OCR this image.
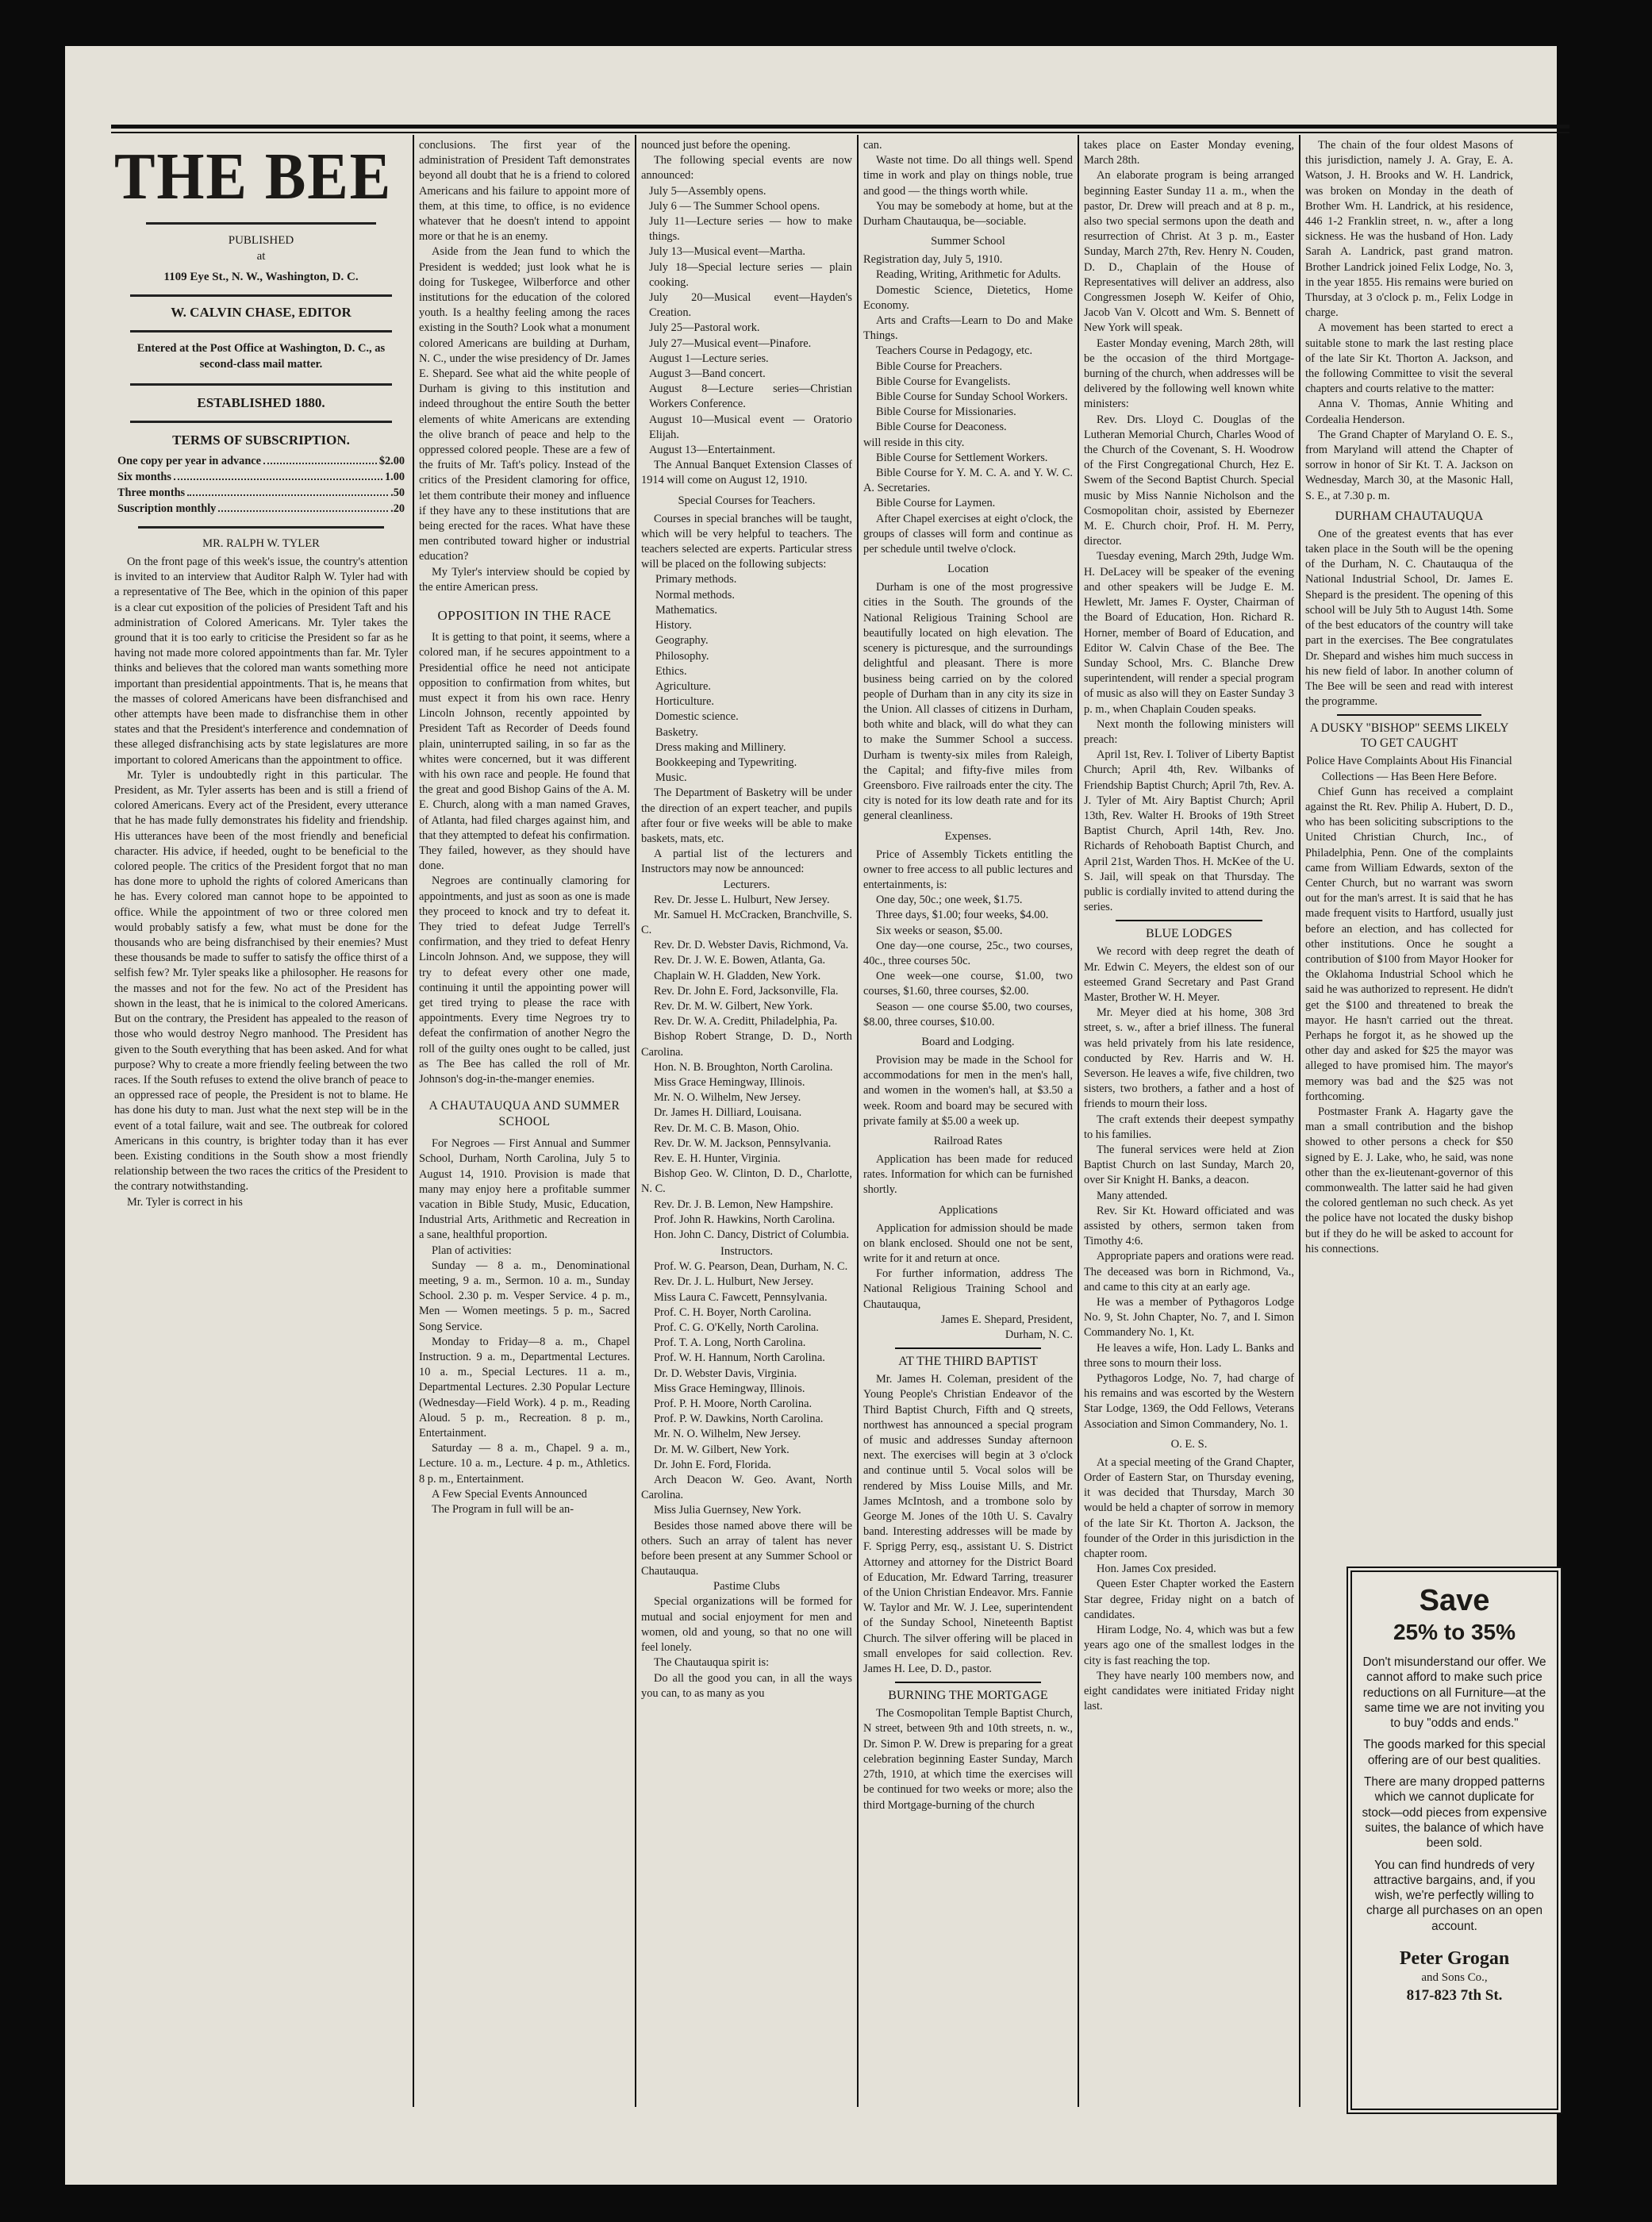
THE BEE
PUBLISHED
at
1109 Eye St., N. W., Washington, D. C.
W. CALVIN CHASE, EDITOR
Entered at the Post Office at Washington, D. C., as second-class mail matter.
ESTABLISHED 1880.
TERMS OF SUBSCRIPTION.
One copy per year in advance	$2.00
Six months	1.00
Three months	.50
Suscription monthly	.20
MR. RALPH W. TYLER

On the front page of this week's issue, the country's attention is invited to an interview that Auditor Ralph W. Tyler had with a representative of The Bee, which in the opinion of this paper is a clear cut exposition of the policies of President Taft and his administration of Colored Americans. Mr. Tyler takes the ground that it is too early to criticise the President so far as he having not made more colored appointments than far. Mr. Tyler thinks and believes that the colored man wants something more important than presidential appointments. That is, he means that the masses of colored Americans have been disfranchised and other attempts have been made to disfranchise them in other states and that the President's interference and condemnation of these alleged disfranchising acts by state legislatures are more important to colored Americans than the appointment to office.

Mr. Tyler is undoubtedly right in this particular. The President, as Mr. Tyler asserts has been and is still a friend of colored Americans. Every act of the President, every utterance that he has made fully demonstrates his fidelity and friendship. His utterances have been of the most friendly and beneficial character. His advice, if heeded, ought to be beneficial to the colored people. The critics of the President forgot that no man has done more to uphold the rights of colored Americans than he has. Every colored man cannot hope to be appointed to office. While the appointment of two or three colored men would probably satisfy a few, what must be done for the thousands who are being disfranchised by their enemies? Must these thousands be made to suffer to satisfy the office thirst of a selfish few? Mr. Tyler speaks like a philosopher. He reasons for the masses and not for the few. No act of the President has shown in the least, that he is inimical to the colored Americans. But on the contrary, the President has appealed to the reason of those who would destroy Negro manhood. The President has given to the South everything that has been asked. And for what purpose? Why to create a more friendly feeling between the two races. If the South refuses to extend the olive branch of peace to an oppressed race of people, the President is not to blame. He has done his duty to man. Just what the next step will be in the event of a total failure, wait and see. The outbreak for colored Americans in this country, is brighter today than it has ever been. Existing conditions in the South show a most friendly relationship between the two races the critics of the President to the contrary notwithstanding.

Mr. Tyler is correct in his

conclusions. The first year of the administration of President Taft demonstrates beyond all doubt that he is a friend to colored Americans and his failure to appoint more of them, at this time, to office, is no evidence whatever that he doesn't intend to appoint more or that he is an enemy.

Aside from the Jean fund to which the President is wedded; just look what he is doing for Tuskegee, Wilberforce and other institutions for the education of the colored youth. Is a healthy feeling among the races existing in the South? Look what a monument colored Americans are building at Durham, N. C., under the wise presidency of Dr. James E. Shepard. See what aid the white people of Durham is giving to this institution and indeed throughout the entire South the better elements of white Americans are extending the olive branch of peace and help to the oppressed colored people. These are a few of the fruits of Mr. Taft's policy. Instead of the critics of the President clamoring for office, let them contribute their money and influence if they have any to these institutions that are being erected for the races. What have these men contributed toward higher or industrial education?

My Tyler's interview should be copied by the entire American press.

OPPOSITION IN THE RACE

It is getting to that point, it seems, where a colored man, if he secures appointment to a Presidential office he need not anticipate opposition to confirmation from whites, but must expect it from his own race. Henry Lincoln Johnson, recently appointed by President Taft as Recorder of Deeds found plain, uninterrupted sailing, in so far as the whites were concerned, but it was different with his own race and people. He found that the great and good Bishop Gains of the A. M. E. Church, along with a man named Graves, of Atlanta, had filed charges against him, and that they attempted to defeat his confirmation. They failed, however, as they should have done.

Negroes are continually clamoring for appointments, and just as soon as one is made they proceed to knock and try to defeat it. They tried to defeat Judge Terrell's confirmation, and they tried to defeat Henry Lincoln Johnson. And, we suppose, they will try to defeat every other one made, continuing it until the appointing power will get tired trying to please the race with appointments. Every time Negroes try to defeat the confirmation of another Negro the roll of the guilty ones ought to be called, just as The Bee has called the roll of Mr. Johnson's dog-in-the-manger enemies.

A CHAUTAUQUA AND SUMMER SCHOOL

For Negroes — First Annual and Summer School, Durham, North Carolina, July 5 to August 14, 1910. Provision is made that many may enjoy here a profitable summer vacation in Bible Study, Music, Education, Industrial Arts, Arithmetic and Recreation in a sane, healthful proportion.

Plan of activities:

Sunday — 8 a. m., Denominational meeting, 9 a. m., Sermon. 10 a. m., Sunday School. 2.30 p. m. Vesper Service. 4 p. m., Men — Women meetings. 5 p. m., Sacred Song Service.

Monday to Friday—8 a. m., Chapel Instruction. 9 a. m., Departmental Lectures. 10 a. m., Special Lectures. 11 a. m., Departmental Lectures. 2.30 Popular Lecture (Wednesday—Field Work). 4 p. m., Reading Aloud. 5 p. m., Recreation. 8 p. m., Entertainment.

Saturday — 8 a. m., Chapel. 9 a. m., Lecture. 10 a. m., Lecture. 4 p. m., Athletics. 8 p. m., Entertainment.

A Few Special Events Announced

The Program in full will be an-

nounced just before the opening.

The following special events are now announced:

July 5—Assembly opens.
July 6 — The Summer School opens.
July 11—Lecture series — how to make things.
July 13—Musical event—Martha.
July 18—Special lecture series — plain cooking.
July 20—Musical event—Hayden's Creation.
July 25—Pastoral work.
July 27—Musical event—Pinafore.
August 1—Lecture series.
August 3—Band concert.
August 8—Lecture series—Christian Workers Conference.
August 10—Musical event — Oratorio Elijah.
August 13—Entertainment.

The Annual Banquet Extension Classes of 1914 will come on August 12, 1910.

Special Courses for Teachers.

Courses in special branches will be taught, which will be very helpful to teachers. The teachers selected are experts. Particular stress will be placed on the following subjects:

Primary methods.
Normal methods.
Mathematics.
History.
Geography.
Philosophy.
Ethics.
Agriculture.
Horticulture.
Domestic science.
Basketry.
Dress making and Millinery.
Bookkeeping and Typewriting.
Music.

The Department of Basketry will be under the direction of an expert teacher, and pupils after four or five weeks will be able to make baskets, mats, etc.

A partial list of the lecturers and Instructors may now be announced:

Lecturers.

Rev. Dr. Jesse L. Hulburt, New Jersey.

Mr. Samuel H. McCracken, Branchville, S. C.

Rev. Dr. D. Webster Davis, Richmond, Va.

Rev. Dr. J. W. E. Bowen, Atlanta, Ga.

Chaplain W. H. Gladden, New York.

Rev. Dr. John E. Ford, Jacksonville, Fla.

Rev. Dr. M. W. Gilbert, New York.

Rev. Dr. W. A. Creditt, Philadelphia, Pa.

Bishop Robert Strange, D. D., North Carolina.

Hon. N. B. Broughton, North Carolina.

Miss Grace Hemingway, Illinois.

Mr. N. O. Wilhelm, New Jersey.

Dr. James H. Dilliard, Louisana.

Rev. Dr. M. C. B. Mason, Ohio.

Rev. Dr. W. M. Jackson, Pennsylvania.

Rev. E. H. Hunter, Virginia.

Bishop Geo. W. Clinton, D. D., Charlotte, N. C.

Rev. Dr. J. B. Lemon, New Hampshire.

Prof. John R. Hawkins, North Carolina.

Hon. John C. Dancy, District of Columbia.

Instructors.

Prof. W. G. Pearson, Dean, Durham, N. C.

Rev. Dr. J. L. Hulburt, New Jersey.

Miss Laura C. Fawcett, Pennsylvania.

Prof. C. H. Boyer, North Carolina.

Prof. C. G. O'Kelly, North Carolina.

Prof. T. A. Long, North Carolina.

Prof. W. H. Hannum, North Carolina.

Dr. D. Webster Davis, Virginia.

Miss Grace Hemingway, Illinois.

Prof. P. H. Moore, North Carolina.

Prof. P. W. Dawkins, North Carolina.

Mr. N. O. Wilhelm, New Jersey.

Dr. M. W. Gilbert, New York.

Dr. John E. Ford, Florida.

Arch Deacon W. Geo. Avant, North Carolina.

Miss Julia Guernsey, New York.

Besides those named above there will be others. Such an array of talent has never before been present at any Summer School or Chautauqua.

Pastime Clubs

Special organizations will be formed for mutual and social enjoyment for men and women, old and young, so that no one will feel lonely.

The Chautauqua spirit is:

Do all the good you can, in all the ways you can, to as many as you

can.

Waste not time. Do all things well. Spend time in work and play on things noble, true and good — the things worth while.

You may be somebody at home, but at the Durham Chautauqua, be—sociable.

Summer School

Registration day, July 5, 1910.

Reading, Writing, Arithmetic for Adults.

Domestic Science, Dietetics, Home Economy.

Arts and Crafts—Learn to Do and Make Things.

Teachers Course in Pedagogy, etc.

Bible Course for Preachers.

Bible Course for Evangelists.

Bible Course for Sunday School Workers.

Bible Course for Missionaries.

Bible Course for Deaconess.

will reside in this city.

Bible Course for Settlement Workers.

Bible Course for Y. M. C. A. and Y. W. C. A. Secretaries.

Bible Course for Laymen.

After Chapel exercises at eight o'clock, the groups of classes will form and continue as per schedule until twelve o'clock.

Location

Durham is one of the most progressive cities in the South. The grounds of the National Religious Training School are beautifully located on high elevation. The scenery is picturesque, and the surroundings delightful and pleasant. There is more business being carried on by the colored people of Durham than in any city its size in the Union. All classes of citizens in Durham, both white and black, will do what they can to make the Summer School a success. Durham is twenty-six miles from Raleigh, the Capital; and fifty-five miles from Greensboro. Five railroads enter the city. The city is noted for its low death rate and for its general cleanliness.

Expenses.

Price of Assembly Tickets entitling the owner to free access to all public lectures and entertainments, is:

One day, 50c.; one week, $1.75.

Three days, $1.00; four weeks, $4.00.

Six weeks or season, $5.00.

One day—one course, 25c., two courses, 40c., three courses 50c.

One week—one course, $1.00, two courses, $1.60, three courses, $2.00.

Season — one course $5.00, two courses, $8.00, three courses, $10.00.

Board and Lodging.

Provision may be made in the School for accommodations for men in the men's hall, and women in the women's hall, at $3.50 a week. Room and board may be secured with private family at $5.00 a week up.

Railroad Rates

Application has been made for reduced rates. Information for which can be furnished shortly.

Applications

Application for admission should be made on blank enclosed. Should one not be sent, write for it and return at once.

For further information, address The National Religious Training School and Chautauqua,

James E. Shepard, President,

Durham, N. C.

AT THE THIRD BAPTIST

Mr. James H. Coleman, president of the Young People's Christian Endeavor of the Third Baptist Church, Fifth and Q streets, northwest has announced a special program of music and addresses Sunday afternoon next. The exercises will begin at 3 o'clock and continue until 5. Vocal solos will be rendered by Miss Louise Mills, and Mr. James McIntosh, and a trombone solo by George M. Jones of the 10th U. S. Cavalry band. Interesting addresses will be made by F. Sprigg Perry, esq., assistant U. S. District Attorney and attorney for the District Board of Education, Mr. Edward Tarring, treasurer of the Union Christian Endeavor. Mrs. Fannie W. Taylor and Mr. W. J. Lee, superintendent of the Sunday School, Nineteenth Baptist Church. The silver offering will be placed in small envelopes for said collection. Rev. James H. Lee, D. D., pastor.

BURNING THE MORTGAGE

The Cosmopolitan Temple Baptist Church, N street, between 9th and 10th streets, n. w., Dr. Simon P. W. Drew is preparing for a great celebration beginning Easter Sunday, March 27th, 1910, at which time the exercises will be continued for two weeks or more; also the third Mortgage-burning of the church

takes place on Easter Monday evening, March 28th.

An elaborate program is being arranged beginning Easter Sunday 11 a. m., when the pastor, Dr. Drew will preach and at 8 p. m., also two special sermons upon the death and resurrection of Christ. At 3 p. m., Easter Sunday, March 27th, Rev. Henry N. Couden, D. D., Chaplain of the House of Representatives will deliver an address, also Congressmen Joseph W. Keifer of Ohio, Jacob Van V. Olcott and Wm. S. Bennett of New York will speak.

Easter Monday evening, March 28th, will be the occasion of the third Mortgage-burning of the church, when addresses will be delivered by the following well known white ministers:

Rev. Drs. Lloyd C. Douglas of the Lutheran Memorial Church, Charles Wood of the Church of the Covenant, S. H. Woodrow of the First Congregational Church, Hez E. Swem of the Second Baptist Church. Special music by Miss Nannie Nicholson and the Cosmopolitan choir, assisted by Ebernezer M. E. Church choir, Prof. H. M. Perry, director.

Tuesday evening, March 29th, Judge Wm. H. DeLacey will be speaker of the evening and other speakers will be Judge E. M. Hewlett, Mr. James F. Oyster, Chairman of the Board of Education, Hon. Richard R. Horner, member of Board of Education, and Editor W. Calvin Chase of the Bee. The Sunday School, Mrs. C. Blanche Drew superintendent, will render a special program of music as also will they on Easter Sunday 3 p. m., when Chaplain Couden speaks.

Next month the following ministers will preach:

April 1st, Rev. I. Toliver of Liberty Baptist Church; April 4th, Rev. Wilbanks of Friendship Baptist Church; April 7th, Rev. A. J. Tyler of Mt. Airy Baptist Church; April 13th, Rev. Walter H. Brooks of 19th Street Baptist Church, April 14th, Rev. Jno. Richards of Rehoboath Baptist Church, and April 21st, Warden Thos. H. McKee of the U. S. Jail, will speak on that Thursday. The public is cordially invited to attend during the series.

BLUE LODGES

We record with deep regret the death of Mr. Edwin C. Meyers, the eldest son of our esteemed Grand Secretary and Past Grand Master, Brother W. H. Meyer.

Mr. Meyer died at his home, 308 3rd street, s. w., after a brief illness. The funeral was held privately from his late residence, conducted by Rev. Harris and W. H. Severson. He leaves a wife, five children, two sisters, two brothers, a father and a host of friends to mourn their loss.

The craft extends their deepest sympathy to his families.

The funeral services were held at Zion Baptist Church on last Sunday, March 20, over Sir Knight H. Banks, a deacon.

Many attended.

Rev. Sir Kt. Howard officiated and was assisted by others, sermon taken from Timothy 4:6.

Appropriate papers and orations were read. The deceased was born in Richmond, Va., and came to this city at an early age.

He was a member of Pythagoros Lodge No. 9, St. John Chapter, No. 7, and I. Simon Commandery No. 1, Kt.

He leaves a wife, Hon. Lady L. Banks and three sons to mourn their loss.

Pythagoros Lodge, No. 7, had charge of his remains and was escorted by the Western Star Lodge, 1369, the Odd Fellows, Veterans Association and Simon Commandery, No. 1.

O. E. S.

At a special meeting of the Grand Chapter, Order of Eastern Star, on Thursday evening, it was decided that Thursday, March 30 would be held a chapter of sorrow in memory of the late Sir Kt. Thorton A. Jackson, the founder of the Order in this jurisdiction in the chapter room.

Hon. James Cox presided.

Queen Ester Chapter worked the Eastern Star degree, Friday night on a batch of candidates.

Hiram Lodge, No. 4, which was but a few years ago one of the smallest lodges in the city is fast reaching the top.

They have nearly 100 members now, and eight candidates were initiated Friday night last.

The chain of the four oldest Masons of this jurisdiction, namely J. A. Gray, E. A. Watson, J. H. Brooks and W. H. Landrick, was broken on Monday in the death of Brother Wm. H. Landrick, at his residence, 446 1-2 Franklin street, n. w., after a long sickness. He was the husband of Hon. Lady Sarah A. Landrick, past grand matron. Brother Landrick joined Felix Lodge, No. 3, in the year 1855. His remains were buried on Thursday, at 3 o'clock p. m., Felix Lodge in charge.

A movement has been started to erect a suitable stone to mark the last resting place of the late Sir Kt. Thorton A. Jackson, and the following Committee to visit the several chapters and courts relative to the matter:

Anna V. Thomas, Annie Whiting and Cordealia Henderson.

The Grand Chapter of Maryland O. E. S., from Maryland will attend the Chapter of sorrow in honor of Sir Kt. T. A. Jackson on Wednesday, March 30, at the Masonic Hall, S. E., at 7.30 p. m.

DURHAM CHAUTAUQUA

One of the greatest events that has ever taken place in the South will be the opening of the Durham, N. C. Chautauqua of the National Industrial School, Dr. James E. Shepard is the president. The opening of this school will be July 5th to August 14th. Some of the best educators of the country will take part in the exercises. The Bee congratulates Dr. Shepard and wishes him much success in his new field of labor. In another column of The Bee will be seen and read with interest the programme.

A DUSKY "BISHOP" SEEMS LIKELY TO GET CAUGHT

Police Have Complaints About His Financial Collections — Has Been Here Before.

Chief Gunn has received a complaint against the Rt. Rev. Philip A. Hubert, D. D., who has been soliciting subscriptions to the United Christian Church, Inc., of Philadelphia, Penn. One of the complaints came from William Edwards, sexton of the Center Church, but no warrant was sworn out for the man's arrest. It is said that he has made frequent visits to Hartford, usually just before an election, and has collected for other institutions. Once he sought a contribution of $100 from Mayor Hooker for the Oklahoma Industrial School which he said he was authorized to represent. He didn't get the $100 and threatened to break the mayor. He hasn't carried out the threat. Perhaps he forgot it, as he showed up the other day and asked for $25 the mayor was alleged to have promised him. The mayor's memory was bad and the $25 was not forthcoming.

Postmaster Frank A. Hagarty gave the man a small contribution and the bishop showed to other persons a check for $50 signed by E. J. Lake, who, he said, was none other than the ex-lieutenant-governor of this commonwealth. The latter said he had given the colored gentleman no such check. As yet the police have not located the dusky bishop but if they do he will be asked to account for his connections.

Save
25% to 35%

Don't misunderstand our offer. We cannot afford to make such price reductions on all Furniture—at the same time we are not inviting you to buy "odds and ends."

The goods marked for this special offering are of our best qualities.

There are many dropped patterns which we cannot duplicate for stock—odd pieces from expensive suites, the balance of which have been sold.

You can find hundreds of very attractive bargains, and, if you wish, we're perfectly willing to charge all purchases on an open account.

Peter Grogan
and Sons Co.,
817-823 7th St.
